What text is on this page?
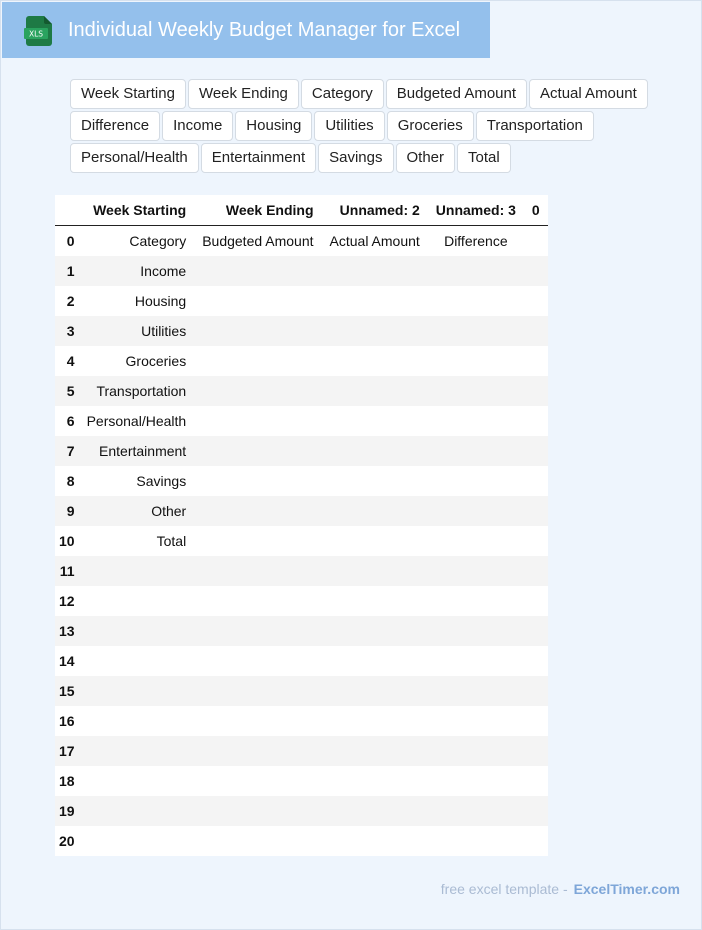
XLS Individual Weekly Budget Manager for Excel
Week Starting Week Ending Category Budgeted Amount Actual AmountDifference Income Housing Utilities Groceries TransportationPersonal/Health Entertainment Savings Other Total
	Week Starting	Week Ending	Unnamed: 2	Unnamed: 3	0
0	Category	Budgeted Amount	Actual Amount	Difference	
1	Income				
2	Housing				
3	Utilities				
4	Groceries				
5	Transportation				
6	Personal/Health				
7	Entertainment				
8	Savings				
9	Other				
10	Total				
11					
12					
13					
14					
15					
16					
17					
18					
19					
20					
free excel template - ExcelTimer.com
